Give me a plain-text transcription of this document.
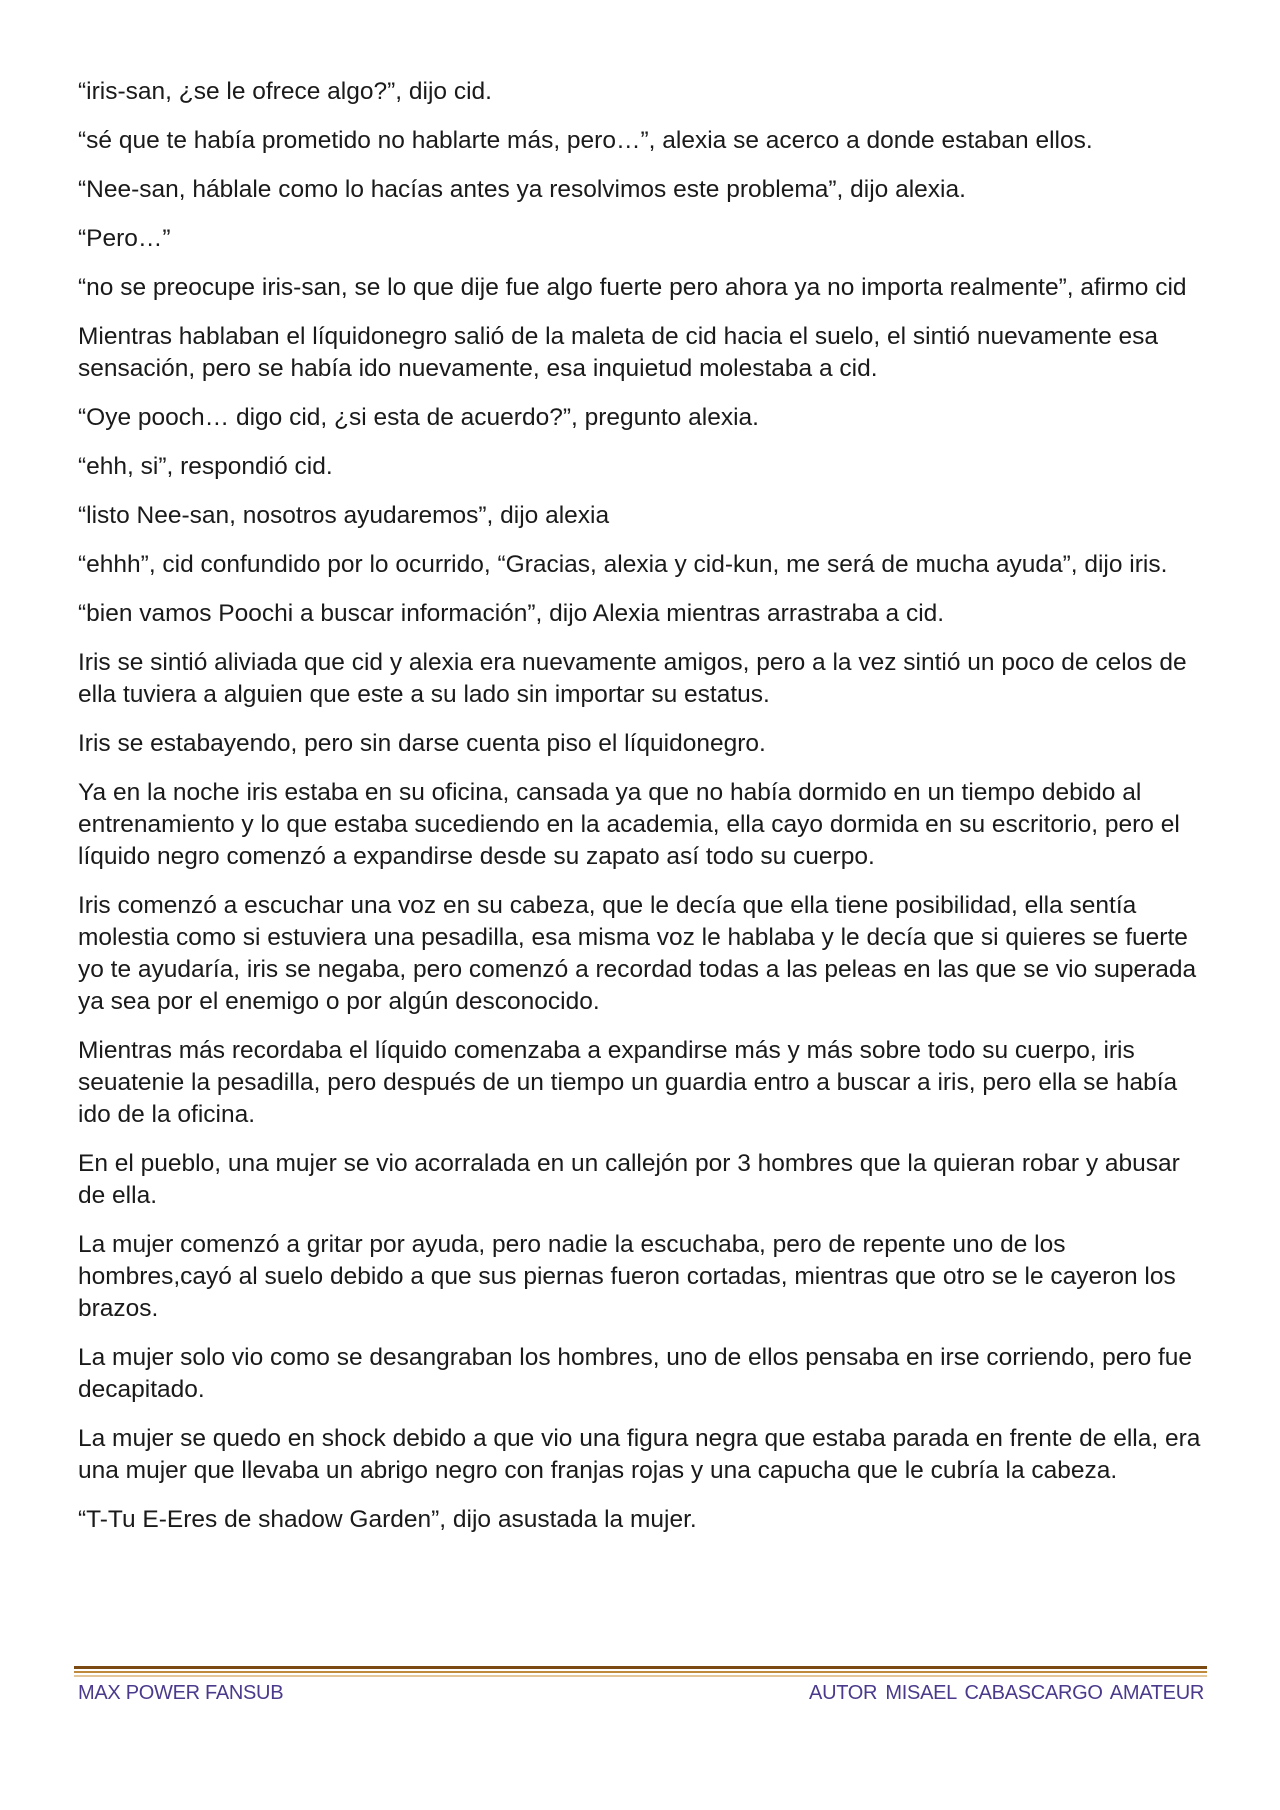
“iris-san, ¿se le ofrece algo?”, dijo cid.

“sé que te había prometido no hablarte más, pero…”, alexia se acerco a donde estaban ellos.

“Nee-san, háblale como lo hacías antes ya resolvimos este problema”, dijo alexia.

“Pero…”

“no se preocupe iris-san, se lo que dije fue algo fuerte pero ahora ya no importa realmente”, afirmo cid

Mientras hablaban el líquidonegro salió de la maleta de cid hacia el suelo, el sintió nuevamente esa sensación, pero se había ido nuevamente, esa inquietud molestaba a cid.

“Oye pooch… digo cid, ¿si esta de acuerdo?”, pregunto alexia.

“ehh, si”, respondió cid.

“listo Nee-san, nosotros ayudaremos”, dijo alexia

“ehhh”, cid confundido por lo ocurrido, “Gracias, alexia y cid-kun, me será de mucha ayuda”, dijo iris.

“bien vamos Poochi a buscar información”, dijo Alexia mientras arrastraba a cid.

Iris se sintió aliviada que cid y alexia era nuevamente amigos, pero a la vez sintió un poco de celos de ella tuviera a alguien que este a su lado sin importar su estatus.

Iris se estabayendo, pero sin darse cuenta piso el líquidonegro.

Ya en la noche iris estaba en su oficina, cansada ya que no había dormido en un tiempo debido al entrenamiento y lo que estaba sucediendo en la academia, ella cayo dormida en su escritorio, pero el líquido negro comenzó a expandirse desde su zapato así todo su cuerpo.

Iris comenzó a escuchar una voz en su cabeza, que le decía que ella tiene posibilidad, ella sentía molestia como si estuviera una pesadilla, esa misma voz le hablaba y le decía que si quieres se fuerte yo te ayudaría, iris se negaba, pero comenzó a recordad todas a las peleas en las que se vio superada ya sea por el enemigo o por algún desconocido.

Mientras más recordaba el líquido comenzaba a expandirse más y más sobre todo su cuerpo, iris seuatenie la pesadilla, pero después de un tiempo un guardia entro a buscar a iris, pero ella se había ido de la oficina.

En el pueblo, una mujer se vio acorralada en un callejón por 3 hombres que la quieran robar y abusar de ella.

La mujer comenzó a gritar por ayuda, pero nadie la escuchaba, pero de repente uno de los hombres,cayó al suelo debido a que sus piernas fueron cortadas, mientras que otro se le cayeron los brazos.

La mujer solo vio como se desangraban los hombres, uno de ellos pensaba en irse corriendo, pero fue decapitado.

La mujer se quedo en shock debido a que vio una figura negra que estaba parada en frente de ella, era una mujer que llevaba un abrigo negro con franjas rojas y una capucha que le cubría la cabeza.

“T-Tu E-Eres de shadow Garden”, dijo asustada la mujer.

MAX POWER FANSUB	AUTOR MISAEL CABASCARGO AMATEUR
